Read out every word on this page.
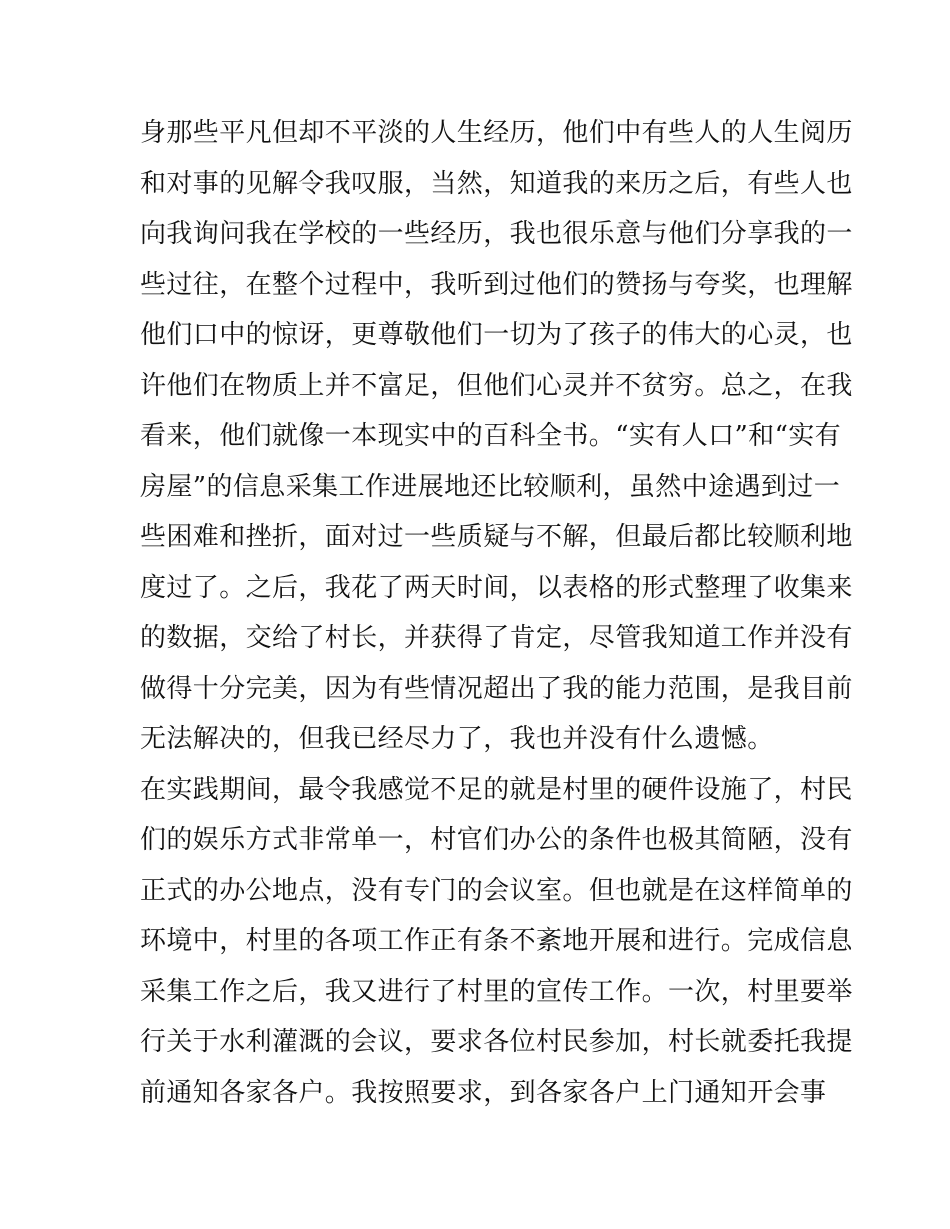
身那些平凡但却不平淡的人生经历，他们中有些人的人生阅历
和对事的见解令我叹服，当然，知道我的来历之后，有些人也
向我询问我在学校的一些经历，我也很乐意与他们分享我的一
些过往，在整个过程中，我听到过他们的赞扬与夸奖，也理解
他们口中的惊讶，更尊敬他们一切为了孩子的伟大的心灵，也
许他们在物质上并不富足，但他们心灵并不贫穷。总之，在我
看来，他们就像一本现实中的百科全书。“实有人口”和“实有
房屋”的信息采集工作进展地还比较顺利，虽然中途遇到过一
些困难和挫折，面对过一些质疑与不解，但最后都比较顺利地
度过了。之后，我花了两天时间，以表格的形式整理了收集来
的数据，交给了村长，并获得了肯定，尽管我知道工作并没有
做得十分完美，因为有些情况超出了我的能力范围，是我目前
无法解决的，但我已经尽力了，我也并没有什么遗憾。
在实践期间，最令我感觉不足的就是村里的硬件设施了，村民
们的娱乐方式非常单一，村官们办公的条件也极其简陋，没有
正式的办公地点，没有专门的会议室。但也就是在这样简单的
环境中，村里的各项工作正有条不紊地开展和进行。完成信息
采集工作之后，我又进行了村里的宣传工作。一次，村里要举
行关于水利灌溉的会议，要求各位村民参加，村长就委托我提
前通知各家各户。我按照要求，到各家各户上门通知开会事
